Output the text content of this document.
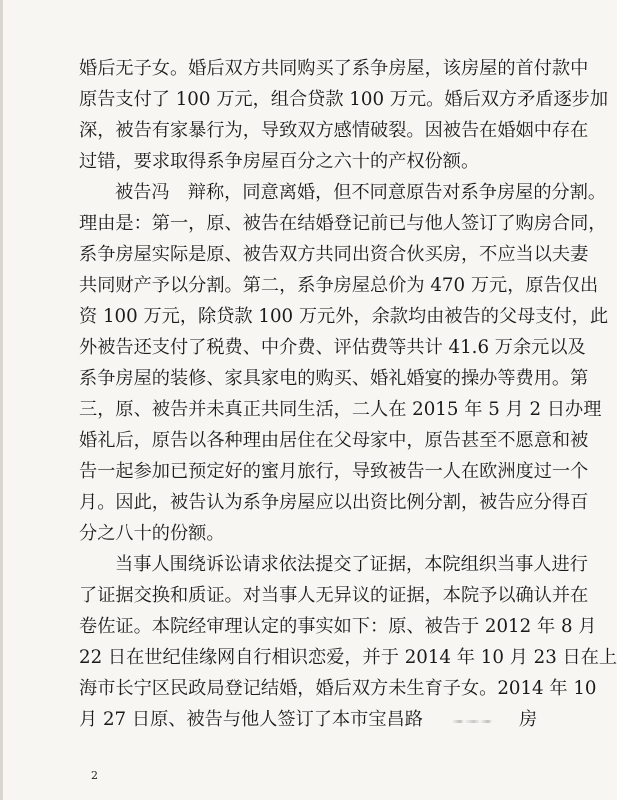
婚后无子女。婚后双方共同购买了系争房屋，该房屋的首付款中
原告支付了 100 万元，组合贷款 100 万元。婚后双方矛盾逐步加
深，被告有家暴行为，导致双方感情破裂。因被告在婚姻中存在
过错，要求取得系争房屋百分之六十的产权份额。
被告冯　辩称，同意离婚，但不同意原告对系争房屋的分割。
理由是：第一，原、被告在结婚登记前已与他人签订了购房合同，
系争房屋实际是原、被告双方共同出资合伙买房，不应当以夫妻
共同财产予以分割。第二，系争房屋总价为 470 万元，原告仅出
资 100 万元，除贷款 100 万元外，余款均由被告的父母支付，此
外被告还支付了税费、中介费、评估费等共计 41.6 万余元以及
系争房屋的装修、家具家电的购买、婚礼婚宴的操办等费用。第
三，原、被告并未真正共同生活，二人在 2015 年 5 月 2 日办理
婚礼后，原告以各种理由居住在父母家中，原告甚至不愿意和被
告一起参加已预定好的蜜月旅行，导致被告一人在欧洲度过一个
月。因此，被告认为系争房屋应以出资比例分割，被告应分得百
分之八十的份额。
当事人围绕诉讼请求依法提交了证据，本院组织当事人进行
了证据交换和质证。对当事人无异议的证据，本院予以确认并在
卷佐证。本院经审理认定的事实如下：原、被告于 2012 年 8 月
22 日在世纪佳缘网自行相识恋爱，并于 2014 年 10 月 23 日在上
海市长宁区民政局登记结婚，婚后双方未生育子女。2014 年 10
月 27 日原、被告与他人签订了本市宝昌路	房
2
